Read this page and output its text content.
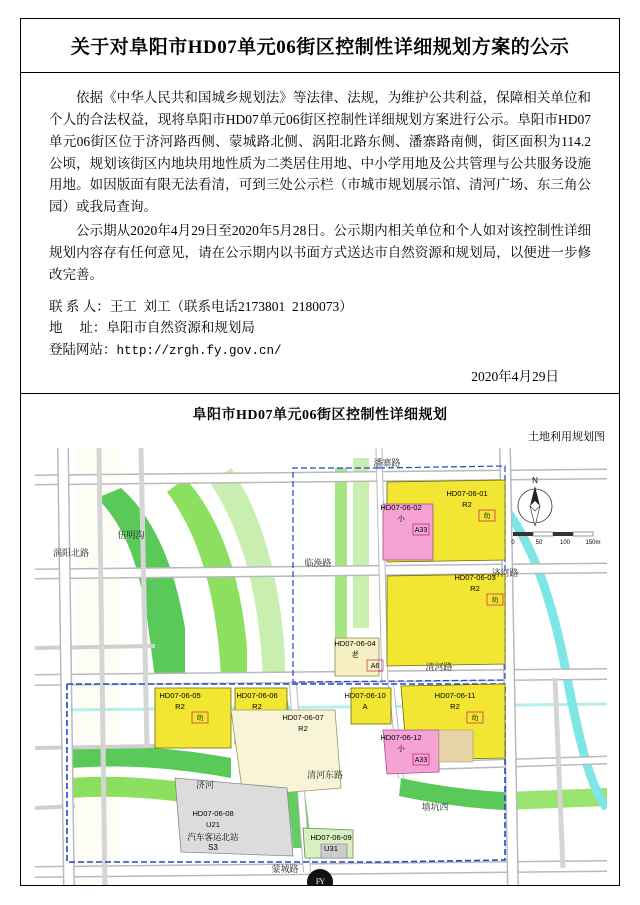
关于对阜阳市HD07单元06街区控制性详细规划方案的公示

依据《中华人民共和国城乡规划法》等法律、法规，为维护公共利益，保障相关单位和个人的合法权益，现将阜阳市HD07单元06街区控制性详细规划方案进行公示。阜阳市HD07单元06街区位于济河路西侧、蒙城路北侧、涡阳北路东侧、潘寨路南侧，街区面积为114.2公顷，规划该街区内地块用地性质为二类居住用地、中小学用地及公共管理与公共服务设施用地。如因版面有限无法看清，可到三处公示栏（市城市规划展示馆、清河广场、东三角公园）或我局查询。

公示期从2020年4月29日至2020年5月28日。公示期内相关单位和个人如对该控制性详细规划内容存有任何意见，请在公示期内以书面方式送达市自然资源和规划局，以便进一步修改完善。

联 系 人：王工  刘工（联系电话2173801  2180073）
地     址：阜阳市自然资源和规划局
登陆网站：http://zrgh.fy.gov.cn/
2020年4月29日
阜阳市HD07单元06街区控制性详细规划
土地利用规划图
HD07-06-01
R2
幼
HD07-06-02
小
A33
HD07-06-03
R2
幼
HD07-06-04
老
A6
HD07-06-05
R2
幼
HD07-06-06
R2
HD07-06-07
R2
HD07-06-08
U21
HD07-06-09
U31
HD07-06-10
A
HD07-06-11
R2
幼
HD07-06-12
小
A33
潘寨路
临涣路
清河路
蒙城路
涡阳北路
伍明沟
济河
济河路
清河东路
墙坑西
汽车客运北站
S3
N
0	50	100	150m
FY
